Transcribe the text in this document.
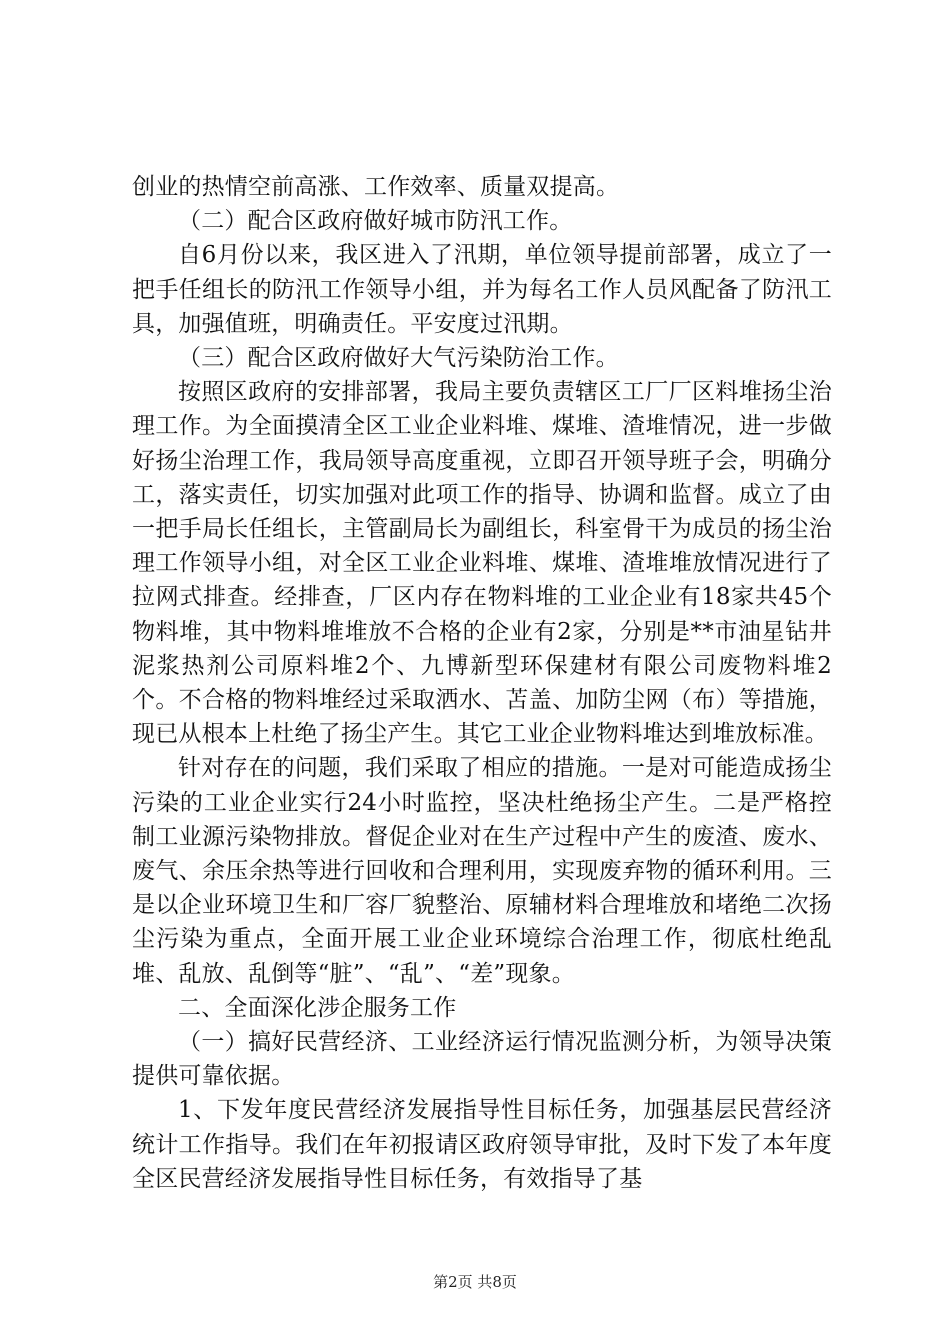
创业的热情空前高涨、工作效率、质量双提高。

（二）配合区政府做好城市防汛工作。

自6月份以来，我区进入了汛期，单位领导提前部署，成立了一把手任组长的防汛工作领导小组，并为每名工作人员风配备了防汛工具，加强值班，明确责任。平安度过汛期。

（三）配合区政府做好大气污染防治工作。

按照区政府的安排部署，我局主要负责辖区工厂厂区料堆扬尘治理工作。为全面摸清全区工业企业料堆、煤堆、渣堆情况，进一步做好扬尘治理工作，我局领导高度重视，立即召开领导班子会，明确分工，落实责任，切实加强对此项工作的指导、协调和监督。成立了由一把手局长任组长，主管副局长为副组长，科室骨干为成员的扬尘治理工作领导小组，对全区工业企业料堆、煤堆、渣堆堆放情况进行了拉网式排查。经排查，厂区内存在物料堆的工业企业有18家共45个物料堆，其中物料堆堆放不合格的企业有2家，分别是**市油星钻井泥浆热剂公司原料堆2个、九博新型环保建材有限公司废物料堆2个。不合格的物料堆经过采取洒水、苫盖、加防尘网（布）等措施，现已从根本上杜绝了扬尘产生。其它工业企业物料堆达到堆放标准。

针对存在的问题，我们采取了相应的措施。一是对可能造成扬尘污染的工业企业实行24小时监控，坚决杜绝扬尘产生。二是严格控制工业源污染物排放。督促企业对在生产过程中产生的废渣、废水、废气、余压余热等进行回收和合理利用，实现废弃物的循环利用。三是以企业环境卫生和厂容厂貌整治、原辅材料合理堆放和堵绝二次扬尘污染为重点，全面开展工业企业环境综合治理工作，彻底杜绝乱堆、乱放、乱倒等“脏”、“乱”、“差”现象。

二、全面深化涉企服务工作

（一）搞好民营经济、工业经济运行情况监测分析，为领导决策提供可靠依据。

1、下发年度民营经济发展指导性目标任务，加强基层民营经济统计工作指导。我们在年初报请区政府领导审批，及时下发了本年度全区民营经济发展指导性目标任务，有效指导了基

第2页 共8页
